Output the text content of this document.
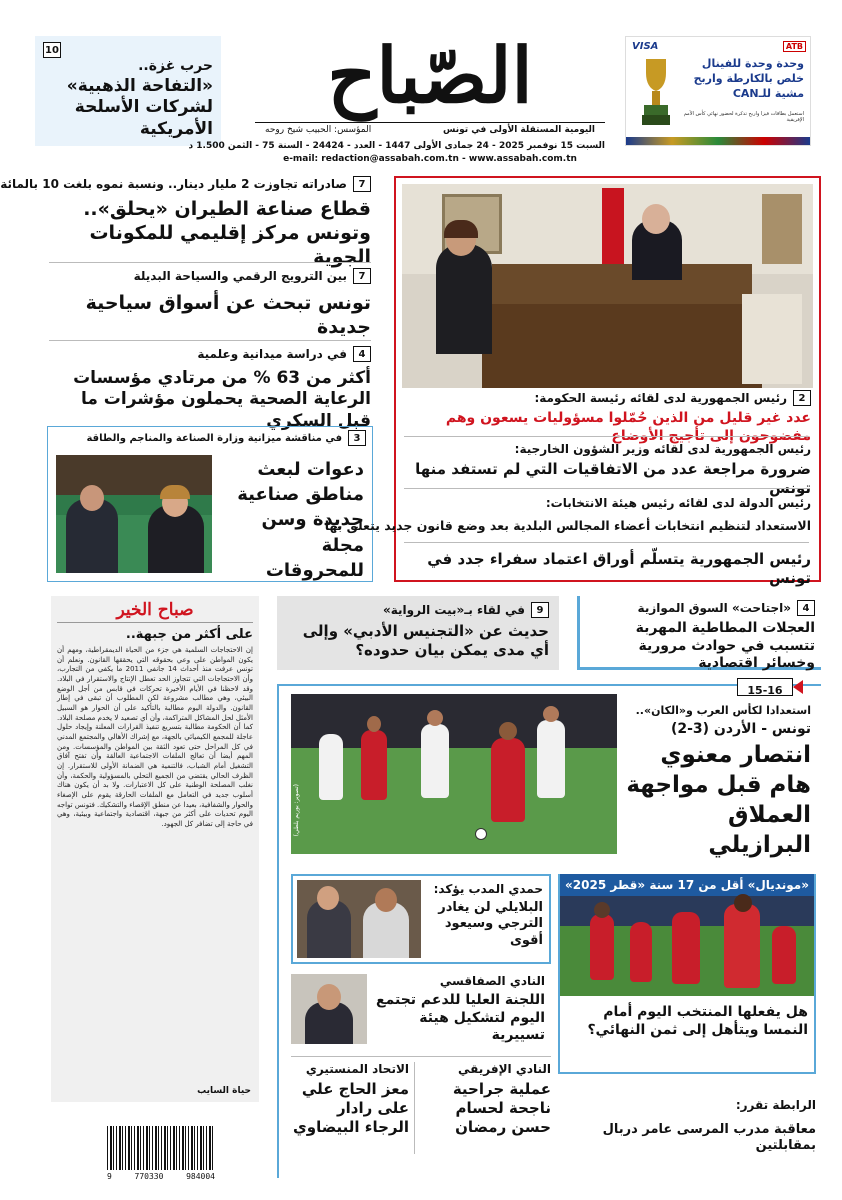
10
حرب غزة..
«التفاحة الذهبية» لشركات الأسلحة الأمريكية
الصّباح
اليومية المستقلة الأولى في تونس
المؤسس: الحبيب شيخ روحه
السبت 15 نوفمبر 2025 - 24 جمادى الأولى 1447 - العدد - 24424 - السنة 75 - الثمن 1.500 د
e-mail: redaction@assabah.com.tn - www.assabah.com.tn
VISA	ATB
وحدة وحدة للفينال خلص بالكارطة واربح مشية للـCAN
استعمل بطاقات فيزا واربح تذكرة لحضور نهائي كأس الأمم الإفريقية
7
صادراته تجاوزت 2 مليار دينار.. ونسبة نموه بلغت 10 بالمائة
قطاع صناعة الطيران «يحلق».. وتونس مركز إقليمي للمكونات الجوية
7
بين الترويج الرقمي والسياحة البديلة
تونس تبحث عن أسواق سياحية جديدة
4
في دراسة ميدانية وعلمية
أكثر من 63 % من مرتادي مؤسسات الرعاية الصحية يحملون مؤشرات ما قبل السكري
3
في مناقشة ميزانية وزارة الصناعة والمناجم والطاقة
دعوات لبعث مناطق صناعية جديدة وسن مجلة للمحروقات
2
رئيس الجمهورية لدى لقائه رئيسة الحكومة:
عدد غير قليل من الذين حُمّلوا مسؤوليات يسعون وهم مفضوحون إلى تأجيج الأوضاع
رئيس الجمهورية لدى لقائه وزير الشؤون الخارجية:
ضرورة مراجعة عدد من الاتفاقيات التي لم تستفد منها تونس
رئيس الدولة لدى لقائه رئيس هيئة الانتخابات:
الاستعداد لتنظيم انتخابات أعضاء المجالس البلدية بعد وضع قانون جديد يتعلق بها
رئيس الجمهورية يتسلّم أوراق اعتماد سفراء جدد في تونس
صباح الخير
على أكثر من جبهة..
إن الاحتجاجات السلمية هي جزء من الحياة الديمقراطية، ومهم أن يكون المواطن على وعي بحقوقه التي يحققها القانون. ونعلم أن تونس عرفت منذ أحداث 14 جانفي 2011 ما يكفي من التجارب، وأن الاحتجاجات التي تتجاوز الحد تعطل الإنتاج والاستقرار في البلاد. وقد لاحظنا في الأيام الأخيرة تحركات في قابس من أجل الوضع البيئي، وهي مطالب مشروعة لكن المطلوب أن تبقى في إطار القانون. والدولة اليوم مطالبة بالتأكيد على أن الحوار هو السبيل الأمثل لحل المشاكل المتراكمة، وأن أي تصعيد لا يخدم مصلحة البلاد. كما أن الحكومة مطالبة بتسريع تنفيذ القرارات المعلنة وإيجاد حلول عاجلة للمجمع الكيميائي بالجهة، مع إشراك الأهالي والمجتمع المدني في كل المراحل حتى تعود الثقة بين المواطن والمؤسسات. ومن المهم أيضا أن تعالج الملفات الاجتماعية العالقة وأن تفتح آفاق التشغيل أمام الشباب، فالتنمية هي الضمانة الأولى للاستقرار. إن الظرف الحالي يقتضي من الجميع التحلي بالمسؤولية والحكمة، وأن نغلب المصلحة الوطنية على كل الاعتبارات. ولا بد أن يكون هناك أسلوب جديد في التعامل مع الملفات الحارقة يقوم على الإصغاء والحوار والشفافية، بعيدا عن منطق الإقصاء والتشكيك. فتونس تواجه اليوم تحديات على أكثر من جبهة، اقتصادية واجتماعية وبيئية، وهي في حاجة إلى تضافر كل الجهود.
حياة السايب
9
في لقاء بـ«بيت الرواية»
حديث عن «التجنيس الأدبي» وإلى أي مدى يمكن بيان حدوده؟
4
«اجتاحت» السوق الموازية
العجلات المطاطية المهربة تتسبب في حوادث مرورية وخسائر اقتصادية
15-16
(تصوير: بوريم بلطي)
استعدادا لكأس العرب و«الكان»..
تونس - الأردن (3-2)
انتصار معنوي هام قبل مواجهة العملاق البرازيلي
حمدي المدب يؤكد:
البلايلي لن يغادر الترجي وسيعود أقوى
النادي الصفاقسي
اللجنة العليا للدعم تجتمع اليوم لتشكيل هيئة تسييرية
النادي الإفريقي
عملية جراحية ناجحة لحسام حسن رمضان
الاتحاد المنستيري
معز الحاج علي على رادار الرجاء البيضاوي
«مونديال» أقل من 17 سنة «قطر 2025»
هل يفعلها المنتخب اليوم أمام النمسا ويتأهل إلى ثمن النهائي؟
الرابطة تقرر:
معاقبة مدرب المرسى عامر دربال بمقابلتين
9	770330	984004
